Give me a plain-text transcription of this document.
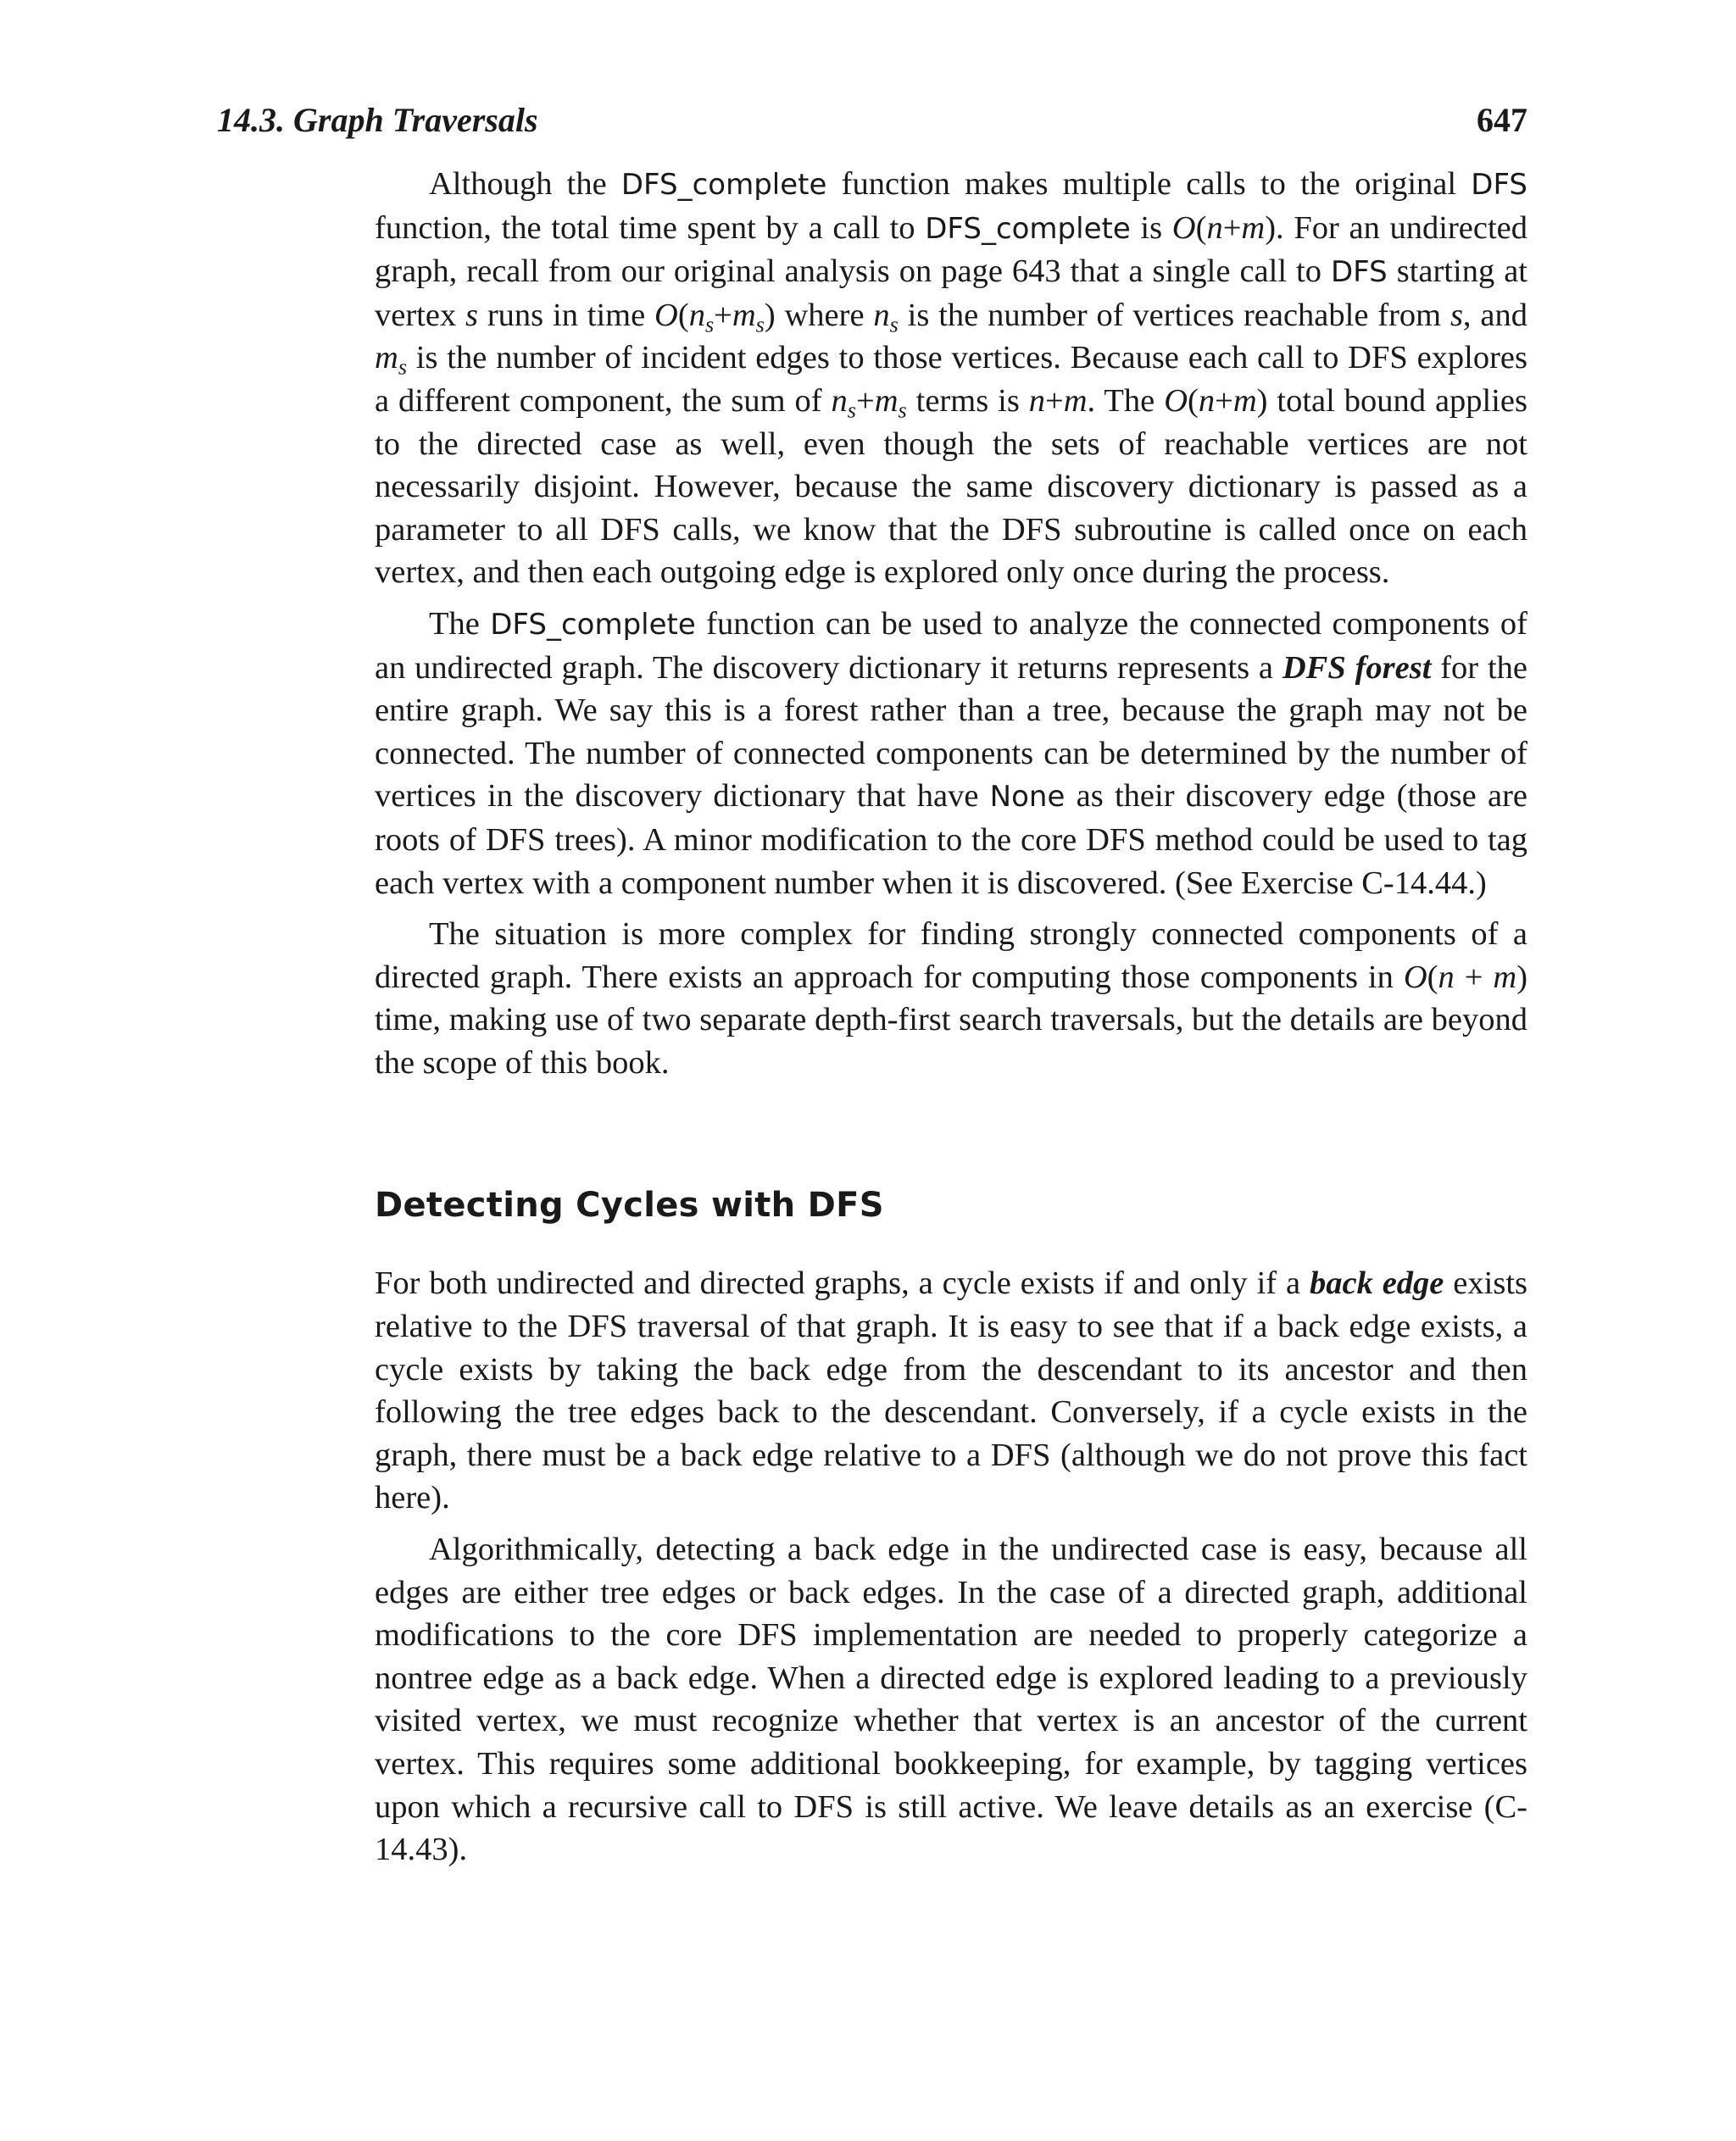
14.3. Graph Traversals	647

Although the DFS_complete function makes multiple calls to the original DFS function, the total time spent by a call to DFS_complete is O(n+m). For an undirected graph, recall from our original analysis on page 643 that a single call to DFS starting at vertex s runs in time $O(n_s+m_s)$ where $n_s$ is the number of vertices reachable from s, and $m_s$ is the number of incident edges to those vertices. Because each call to DFS explores a different component, the sum of $n_s+m_s$ terms is n+m. The O(n+m) total bound applies to the directed case as well, even though the sets of reachable vertices are not necessarily disjoint. However, because the same discovery dictionary is passed as a parameter to all DFS calls, we know that the DFS subroutine is called once on each vertex, and then each outgoing edge is explored only once during the process.

The DFS_complete function can be used to analyze the connected components of an undirected graph. The discovery dictionary it returns represents a DFS forest for the entire graph. We say this is a forest rather than a tree, because the graph may not be connected. The number of connected components can be determined by the number of vertices in the discovery dictionary that have None as their discovery edge (those are roots of DFS trees). A minor modification to the core DFS method could be used to tag each vertex with a component number when it is discovered. (See Exercise C-14.44.)

The situation is more complex for finding strongly connected components of a directed graph. There exists an approach for computing those components in O(n + m) time, making use of two separate depth-first search traversals, but the details are beyond the scope of this book.

Detecting Cycles with DFS

For both undirected and directed graphs, a cycle exists if and only if a back edge exists relative to the DFS traversal of that graph. It is easy to see that if a back edge exists, a cycle exists by taking the back edge from the descendant to its ancestor and then following the tree edges back to the descendant. Conversely, if a cycle exists in the graph, there must be a back edge relative to a DFS (although we do not prove this fact here).

Algorithmically, detecting a back edge in the undirected case is easy, because all edges are either tree edges or back edges. In the case of a directed graph, additional modifications to the core DFS implementation are needed to properly categorize a nontree edge as a back edge. When a directed edge is explored leading to a previously visited vertex, we must recognize whether that vertex is an ancestor of the current vertex. This requires some additional bookkeeping, for example, by tagging vertices upon which a recursive call to DFS is still active. We leave details as an exercise (C-14.43).
